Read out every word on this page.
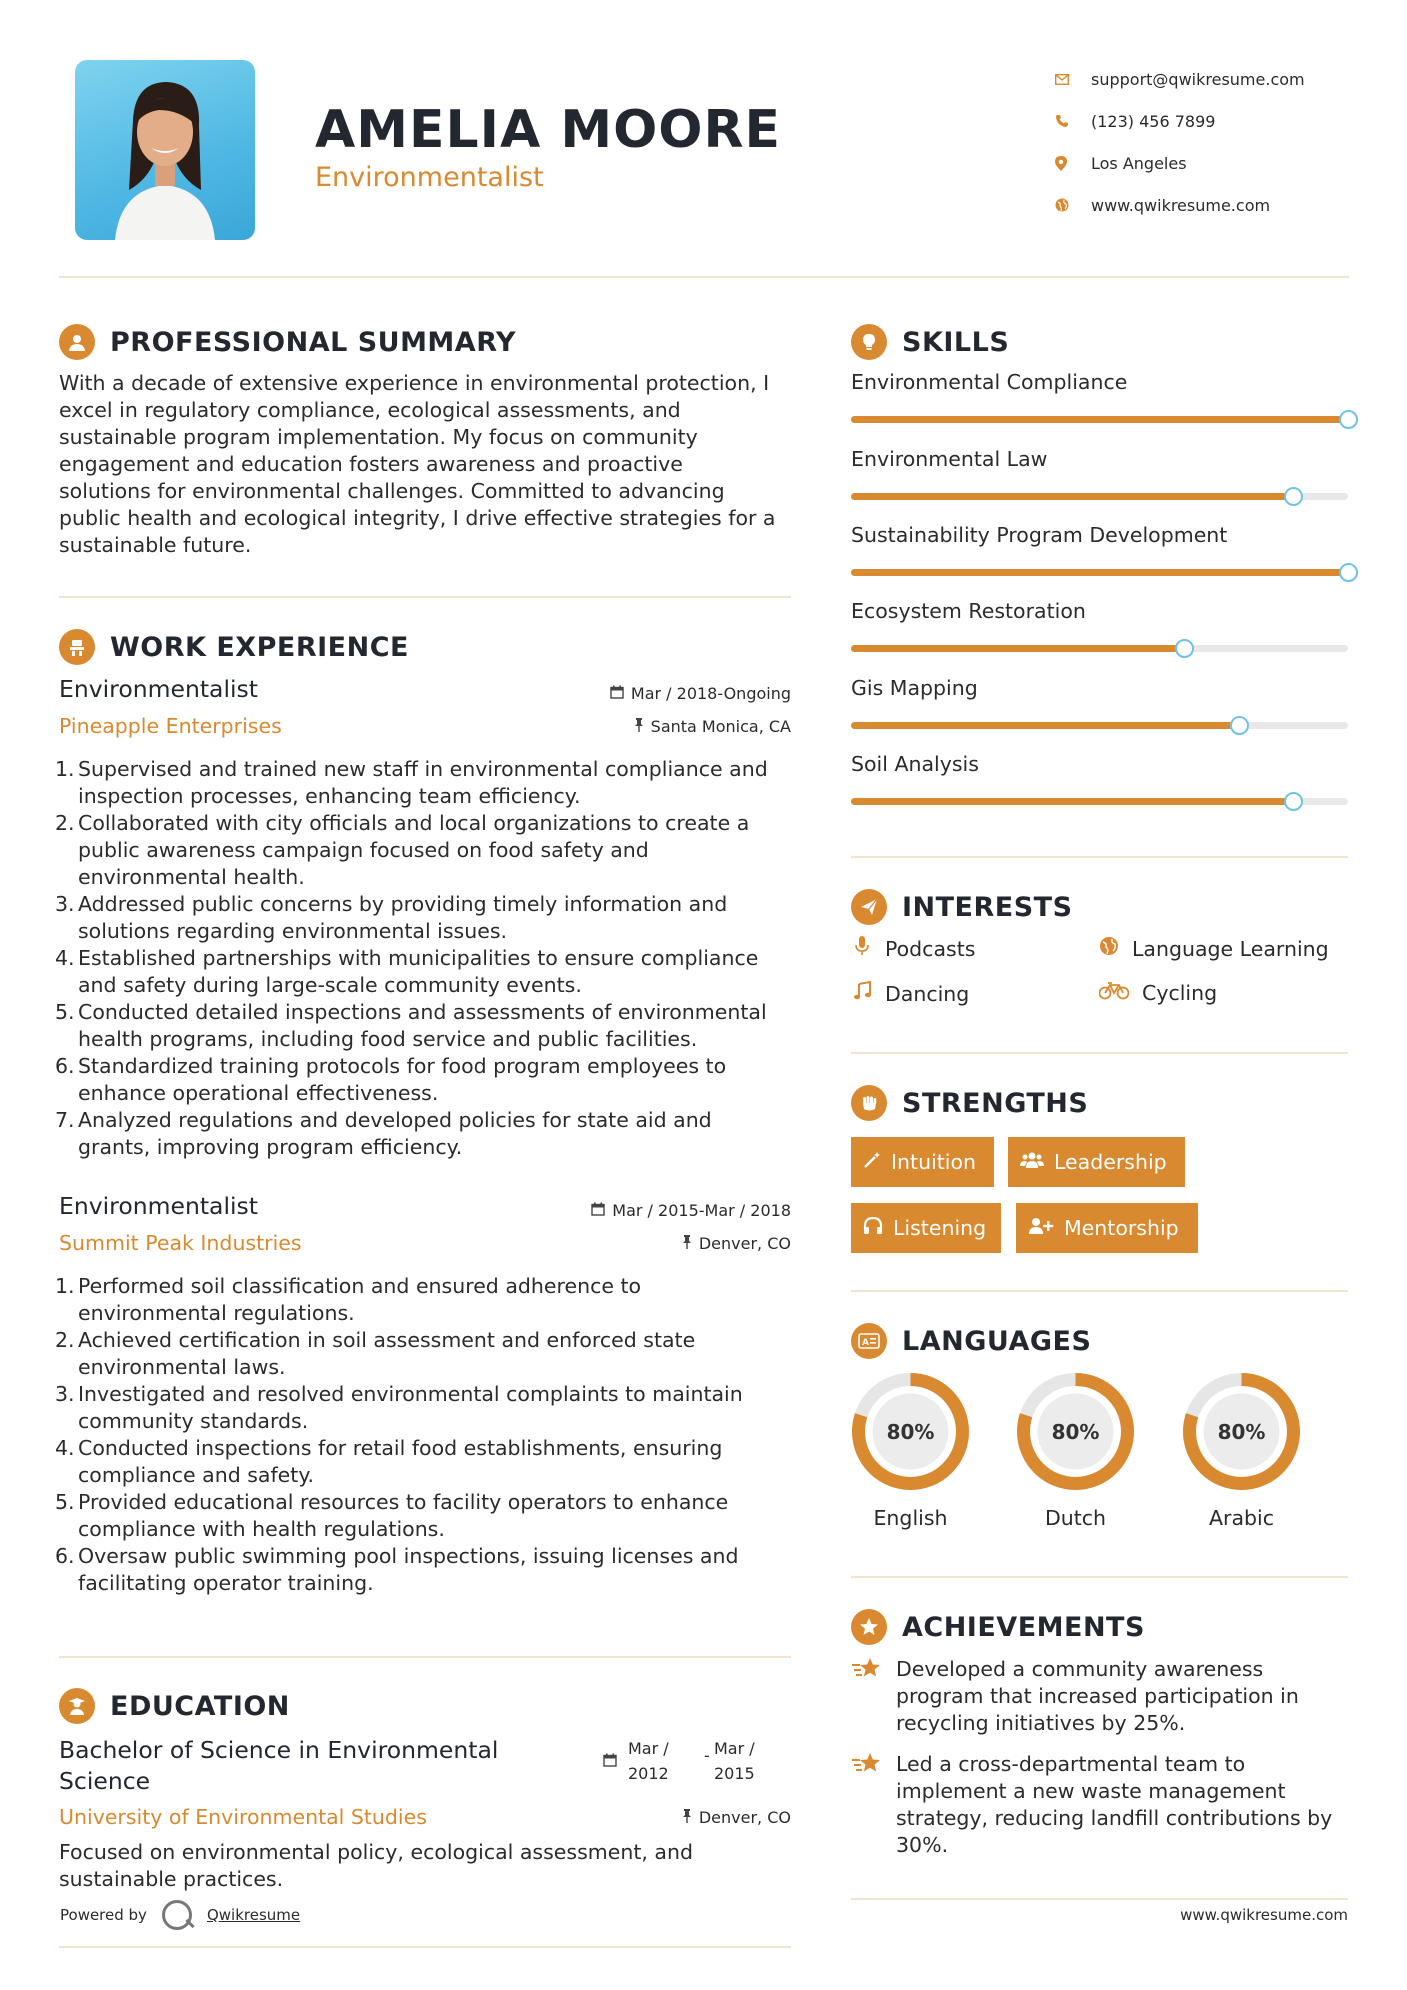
AMELIA MOORE
Environmentalist
support@qwikresume.com
(123) 456 7899
Los Angeles
www.qwikresume.com
PROFESSIONAL SUMMARY
With a decade of extensive experience in environmental protection, I
excel in regulatory compliance, ecological assessments, and
sustainable program implementation. My focus on community
engagement and education fosters awareness and proactive
solutions for environmental challenges. Committed to advancing
public health and ecological integrity, I drive effective strategies for a
sustainable future.
WORK EXPERIENCE
Environmentalist
Pineapple Enterprises
Mar / 2018-Ongoing
Santa Monica, CA
1. Supervised and trained new staff in environmental compliance and
inspection processes, enhancing team efficiency.
2. Collaborated with city officials and local organizations to create a
public awareness campaign focused on food safety and
environmental health.
3. Addressed public concerns by providing timely information and
solutions regarding environmental issues.
4. Established partnerships with municipalities to ensure compliance
and safety during large-scale community events.
5. Conducted detailed inspections and assessments of environmental
health programs, including food service and public facilities.
6. Standardized training protocols for food program employees to
enhance operational effectiveness.
7. Analyzed regulations and developed policies for state aid and
grants, improving program efficiency.
Environmentalist
Summit Peak Industries
Mar / 2015-Mar / 2018
Denver, CO
1. Performed soil classification and ensured adherence to
environmental regulations.
2. Achieved certification in soil assessment and enforced state
environmental laws.
3. Investigated and resolved environmental complaints to maintain
community standards.
4. Conducted inspections for retail food establishments, ensuring
compliance and safety.
5. Provided educational resources to facility operators to enhance
compliance with health regulations.
6. Oversaw public swimming pool inspections, issuing licenses and
facilitating operator training.
EDUCATION
Bachelor of Science in Environmental
Science
University of Environmental Studies
Mar /
2012
- Mar /
2015
Denver, CO
Focused on environmental policy, ecological assessment, and
sustainable practices.
Powered by	Qwikresume
SKILLS
Environmental Compliance
Environmental Law
Sustainability Program Development
Ecosystem Restoration
Gis Mapping
Soil Analysis
INTERESTS
Podcasts	Language Learning
Dancing	Cycling
STRENGTHS
Intuition	Leadership
Listening	Mentorship
A LANGUAGES
80%
English
80%
Dutch
80%
Arabic
ACHIEVEMENTS
Developed a community awareness
program that increased participation in
recycling initiatives by 25%.
Led a cross-departmental team to
implement a new waste management
strategy, reducing landfill contributions by
30%.
www.qwikresume.com
